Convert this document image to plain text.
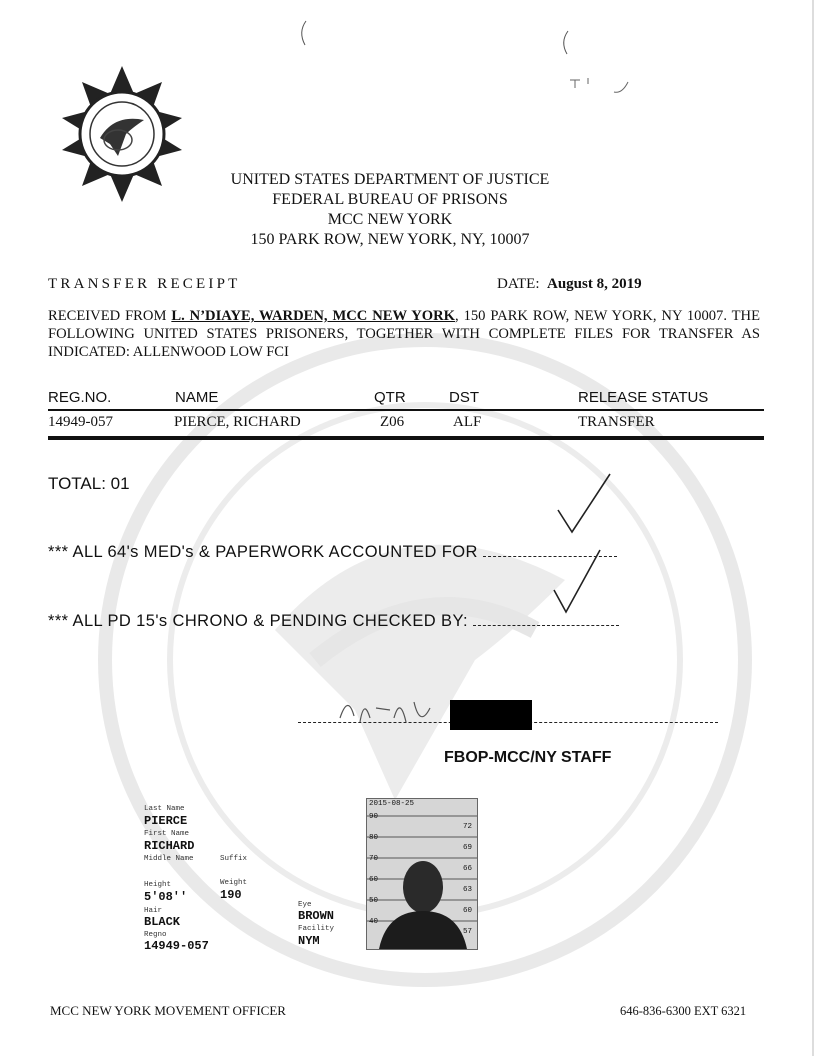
UNITED STATES DEPARTMENT OF JUSTICE
FEDERAL BUREAU OF PRISONS
MCC NEW YORK
150 PARK ROW, NEW YORK, NY, 10007
TRANSFER RECEIPT	DATE: August 8, 2019
RECEIVED FROM L. N’DIAYE, WARDEN, MCC NEW YORK, 150 PARK ROW, NEW YORK, NY 10007. THE FOLLOWING UNITED STATES PRISONERS, TOGETHER WITH COMPLETE FILES FOR TRANSFER AS INDICATED: ALLENWOOD LOW FCI
REG.NO.	NAME	QTR	DST	RELEASE STATUS
14949-057	PIERCE, RICHARD	Z06	ALF	TRANSFER
TOTAL: 01
*** ALL 64's MED's & PAPERWORK ACCOUNTED FOR
*** ALL PD 15's CHRONO & PENDING CHECKED BY:
FBOP-MCC/NY STAFF
Last Name
PIERCE
First Name
RICHARD
Middle Name	Suffix
Height
5'08''
Weight
190
Hair
BLACK
Regno
14949-057
Eye
BROWN
Facility
NYM
2015-08-25
90
80
70
60
50
40
72
69
66
63
60
57
MCC NEW YORK MOVEMENT OFFICER	646-836-6300 EXT 6321
